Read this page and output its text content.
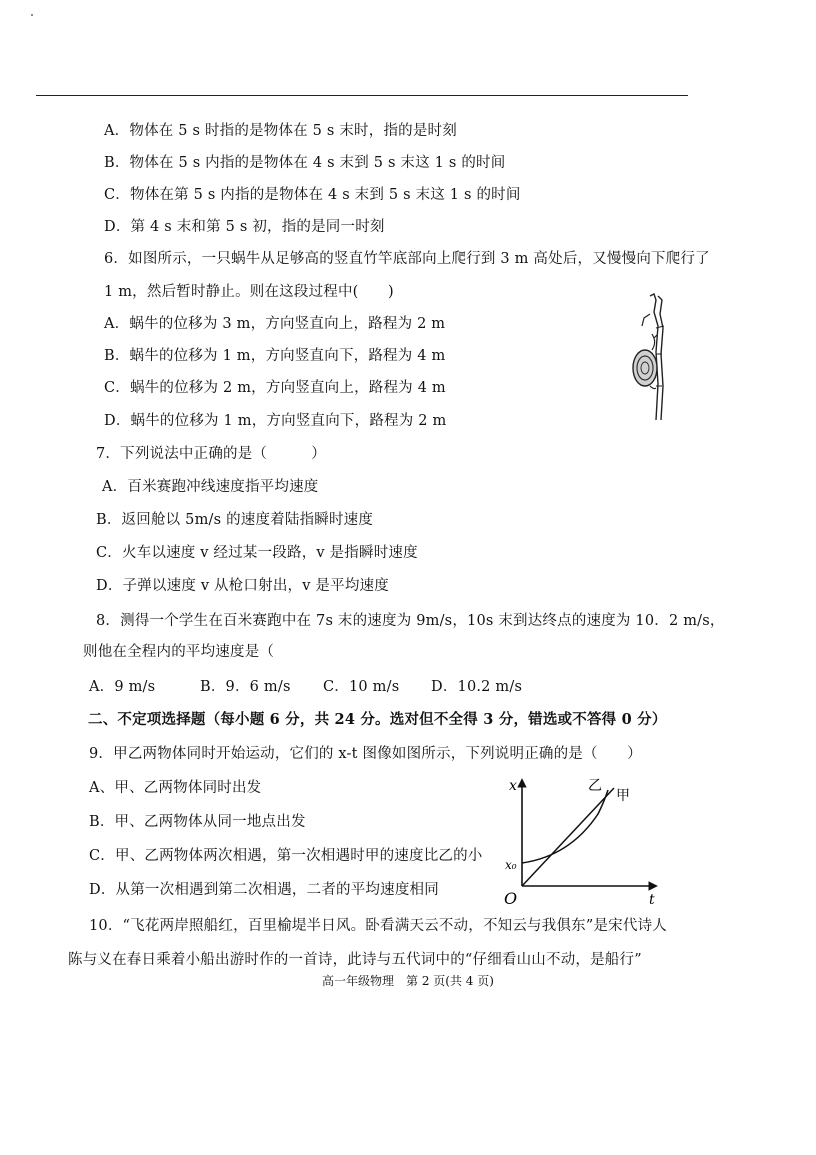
A．物体在 5 s 时指的是物体在 5 s 末时，指的是时刻
B．物体在 5 s 内指的是物体在 4 s 末到 5 s 末这 1 s 的时间
C．物体在第 5 s 内指的是物体在 4 s 末到 5 s 末这 1 s 的时间
D．第 4 s 末和第 5 s 初，指的是同一时刻
6．如图所示，一只蜗牛从足够高的竖直竹竿底部向上爬行到 3 m 高处后，又慢慢向下爬行了
1 m，然后暂时静止。则在这段过程中(　　)
A．蜗牛的位移为 3 m，方向竖直向上，路程为 2 m
B．蜗牛的位移为 1 m，方向竖直向下，路程为 4 m
C．蜗牛的位移为 2 m，方向竖直向上，路程为 4 m
D．蜗牛的位移为 1 m，方向竖直向下，路程为 2 m
7．下列说法中正确的是（　　　）
A．百米赛跑冲线速度指平均速度
B．返回舱以 5m/s 的速度着陆指瞬时速度
C．火车以速度 v 经过某一段路，v 是指瞬时速度
D．子弹以速度 v 从枪口射出，v 是平均速度
8．测得一个学生在百米赛跑中在 7s 末的速度为 9m/s，10s 末到达终点的速度为 10．2 m/s，
则他在全程内的平均速度是（
A．9 m/s	B．9．6 m/s C．10 m/s D．10.2 m/s
二、不定项选择题（每小题 6 分，共 24 分。选对但不全得 3 分，错选或不答得 0 分）
9．甲乙两物体同时开始运动，它们的 x-t 图像如图所示，下列说明正确的是（　　）
A、甲、乙两物体同时出发
B．甲、乙两物体从同一地点出发
C．甲、乙两物体两次相遇，第一次相遇时甲的速度比乙的小
D．从第一次相遇到第二次相遇，二者的平均速度相同
x
t
O
x₀
乙
甲
10．“飞花两岸照船红，百里榆堤半日风。卧看满天云不动，不知云与我俱东”是宋代诗人
陈与义在春日乘着小船出游时作的一首诗，此诗与五代词中的“仔细看山山不动，是船行”
高一年级物理　第 2 页(共 4 页)
